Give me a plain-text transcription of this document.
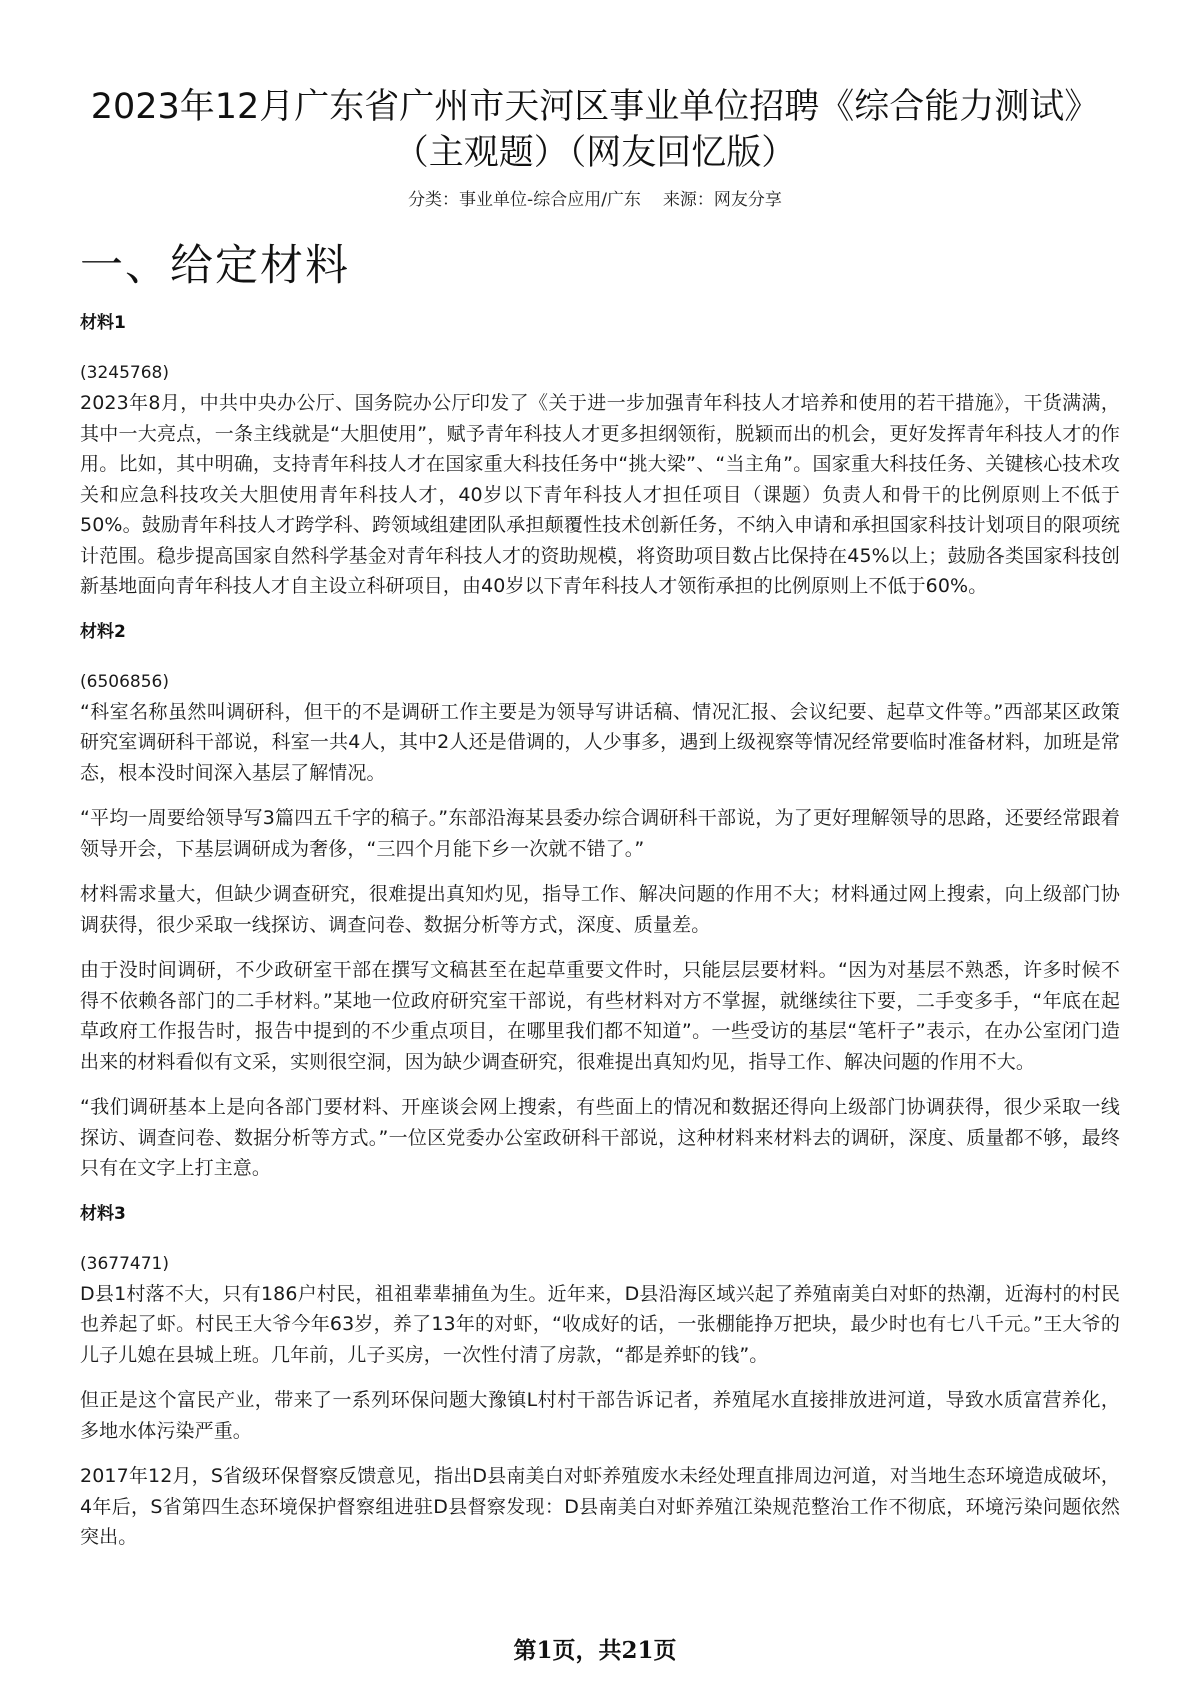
2023年12月广东省广州市天河区事业单位招聘《综合能力测试》
（主观题）（网友回忆版）
分类：事业单位-综合应用/广东 来源：网友分享
一、给定材料

材料1

(3245768)

2023年8月，中共中央办公厅、国务院办公厅印发了《关于进一步加强青年科技人才培养和使用的若干措施》，干货满满，其中一大亮点，一条主线就是“大胆使用”，赋予青年科技人才更多担纲领衔，脱颖而出的机会，更好发挥青年科技人才的作用。比如，其中明确，支持青年科技人才在国家重大科技任务中“挑大梁”、“当主角”。国家重大科技任务、关键核心技术攻关和应急科技攻关大胆使用青年科技人才，40岁以下青年科技人才担任项目（课题）负责人和骨干的比例原则上不低于50%。鼓励青年科技人才跨学科、跨领域组建团队承担颠覆性技术创新任务，不纳入申请和承担国家科技计划项目的限项统计范围。稳步提高国家自然科学基金对青年科技人才的资助规模，将资助项目数占比保持在45%以上；鼓励各类国家科技创新基地面向青年科技人才自主设立科研项目，由40岁以下青年科技人才领衔承担的比例原则上不低于60%。

材料2

(6506856)

“科室名称虽然叫调研科，但干的不是调研工作主要是为领导写讲话稿、情况汇报、会议纪要、起草文件等。”西部某区政策研究室调研科干部说，科室一共4人，其中2人还是借调的，人少事多，遇到上级视察等情况经常要临时准备材料，加班是常态，根本没时间深入基层了解情况。

“平均一周要给领导写3篇四五千字的稿子。”东部沿海某县委办综合调研科干部说，为了更好理解领导的思路，还要经常跟着领导开会，下基层调研成为奢侈，“三四个月能下乡一次就不错了。”

材料需求量大，但缺少调查研究，很难提出真知灼见，指导工作、解决问题的作用不大；材料通过网上搜索，向上级部门协调获得，很少采取一线探访、调查问卷、数据分析等方式，深度、质量差。

由于没时间调研，不少政研室干部在撰写文稿甚至在起草重要文件时，只能层层要材料。“因为对基层不熟悉，许多时候不得不依赖各部门的二手材料。”某地一位政府研究室干部说，有些材料对方不掌握，就继续往下要，二手变多手，“年底在起草政府工作报告时，报告中提到的不少重点项目，在哪里我们都不知道”。一些受访的基层“笔杆子”表示，在办公室闭门造出来的材料看似有文采，实则很空洞，因为缺少调查研究，很难提出真知灼见，指导工作、解决问题的作用不大。

“我们调研基本上是向各部门要材料、开座谈会网上搜索，有些面上的情况和数据还得向上级部门协调获得，很少采取一线探访、调查问卷、数据分析等方式。”一位区党委办公室政研科干部说，这种材料来材料去的调研，深度、质量都不够，最终只有在文字上打主意。

材料3

(3677471)

D县1村落不大，只有186户村民，祖祖辈辈捕鱼为生。近年来，D县沿海区域兴起了养殖南美白对虾的热潮，近海村的村民也养起了虾。村民王大爷今年63岁，养了13年的对虾，“收成好的话，一张棚能挣万把块，最少时也有七八千元。”王大爷的儿子儿媳在县城上班。几年前，儿子买房，一次性付清了房款，“都是养虾的钱”。

但正是这个富民产业，带来了一系列环保问题大豫镇L村村干部告诉记者，养殖尾水直接排放进河道，导致水质富营养化，多地水体污染严重。

2017年12月，S省级环保督察反馈意见，指出D县南美白对虾养殖废水未经处理直排周边河道，对当地生态环境造成破坏，4年后，S省第四生态环境保护督察组进驻D县督察发现：D县南美白对虾养殖江染规范整治工作不彻底，环境污染问题依然突出。

第1页，共21页
